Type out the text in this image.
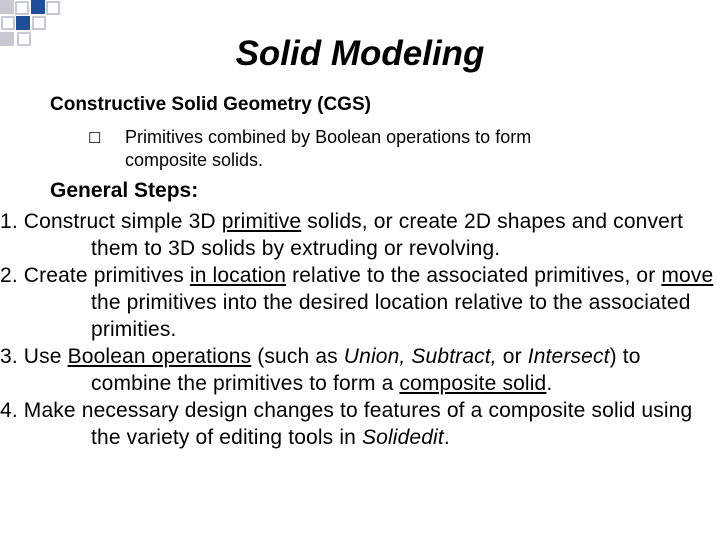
Solid Modeling
Constructive Solid Geometry (CGS)
☐ Primitives combined by Boolean operations to form
composite solids.
General Steps:

1. Construct simple 3D primitive solids, or create 2D shapes and convert them to 3D solids by extruding or revolving.

2. Create primitives in location relative to the associated primitives, or move the primitives into the desired location relative to the associated primities.

3. Use Boolean operations (such as Union, Subtract, or Intersect) to combine the primitives to form a composite solid.

4. Make necessary design changes to features of a composite solid using the variety of editing tools in Solidedit.
